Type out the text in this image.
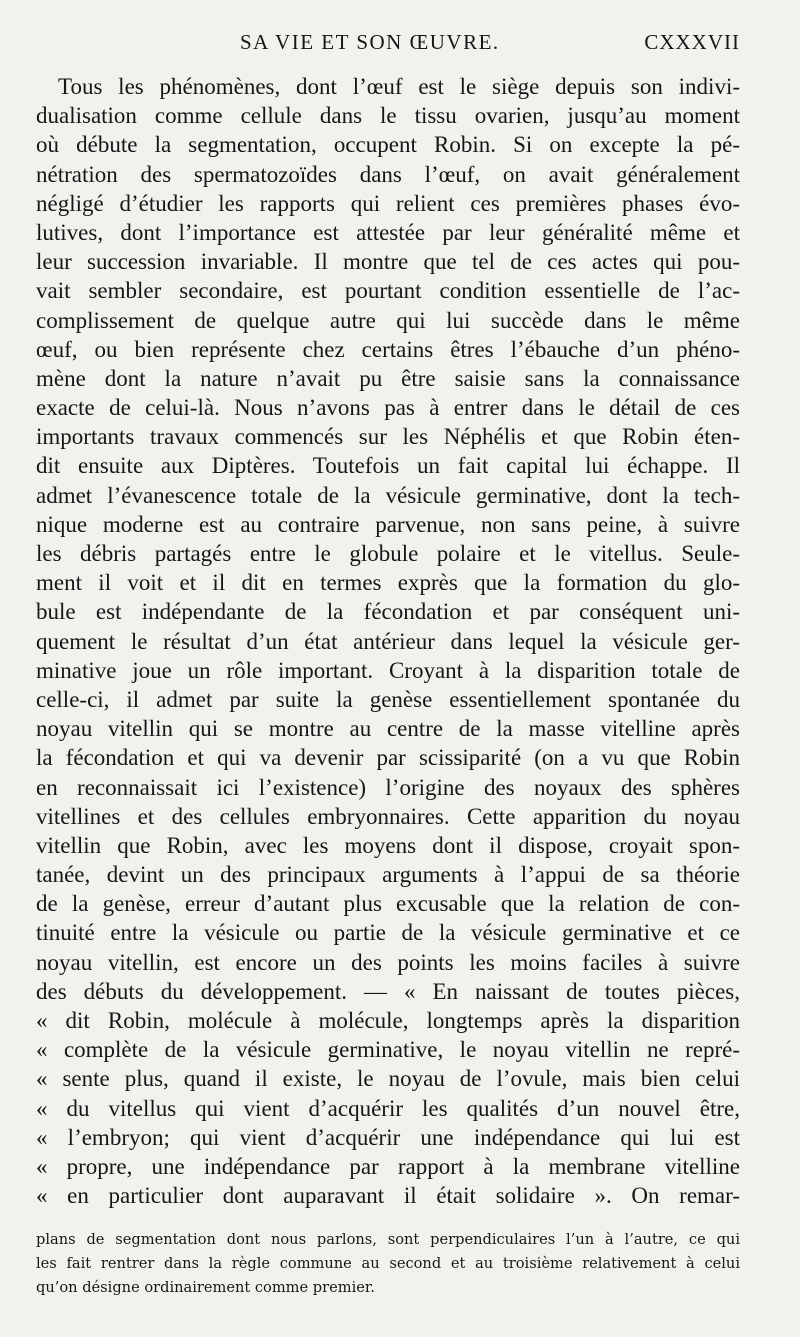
SA VIE ET SON ŒUVRE.	CXXXVII
Tous les phénomènes, dont l’œuf est le siège depuis son indivi-
dualisation comme cellule dans le tissu ovarien, jusqu’au moment
où débute la segmentation, occupent Robin. Si on excepte la pé-
nétration des spermatozoïdes dans l’œuf, on avait généralement
négligé d’étudier les rapports qui relient ces premières phases évo-
lutives, dont l’importance est attestée par leur généralité même et
leur succession invariable. Il montre que tel de ces actes qui pou-
vait sembler secondaire, est pourtant condition essentielle de l’ac-
complissement de quelque autre qui lui succède dans le même
œuf, ou bien représente chez certains êtres l’ébauche d’un phéno-
mène dont la nature n’avait pu être saisie sans la connaissance
exacte de celui-là. Nous n’avons pas à entrer dans le détail de ces
importants travaux commencés sur les Néphélis et que Robin éten-
dit ensuite aux Diptères. Toutefois un fait capital lui échappe. Il
admet l’évanescence totale de la vésicule germinative, dont la tech-
nique moderne est au contraire parvenue, non sans peine, à suivre
les débris partagés entre le globule polaire et le vitellus. Seule-
ment il voit et il dit en termes exprès que la formation du glo-
bule est indépendante de la fécondation et par conséquent uni-
quement le résultat d’un état antérieur dans lequel la vésicule ger-
minative joue un rôle important. Croyant à la disparition totale de
celle-ci, il admet par suite la genèse essentiellement spontanée du
noyau vitellin qui se montre au centre de la masse vitelline après
la fécondation et qui va devenir par scissiparité (on a vu que Robin
en reconnaissait ici l’existence) l’origine des noyaux des sphères
vitellines et des cellules embryonnaires. Cette apparition du noyau
vitellin que Robin, avec les moyens dont il dispose, croyait spon-
tanée, devint un des principaux arguments à l’appui de sa théorie
de la genèse, erreur d’autant plus excusable que la relation de con-
tinuité entre la vésicule ou partie de la vésicule germinative et ce
noyau vitellin, est encore un des points les moins faciles à suivre
des débuts du développement. — « En naissant de toutes pièces,
« dit Robin, molécule à molécule, longtemps après la disparition
« complète de la vésicule germinative, le noyau vitellin ne repré-
« sente plus, quand il existe, le noyau de l’ovule, mais bien celui
« du vitellus qui vient d’acquérir les qualités d’un nouvel être,
« l’embryon; qui vient d’acquérir une indépendance qui lui est
« propre, une indépendance par rapport à la membrane vitelline
« en particulier dont auparavant il était solidaire ». On remar-
plans de segmentation dont nous parlons, sont perpendiculaires l’un à l’autre, ce qui
les fait rentrer dans la règle commune au second et au troisième relativement à celui
qu’on désigne ordinairement comme premier.
